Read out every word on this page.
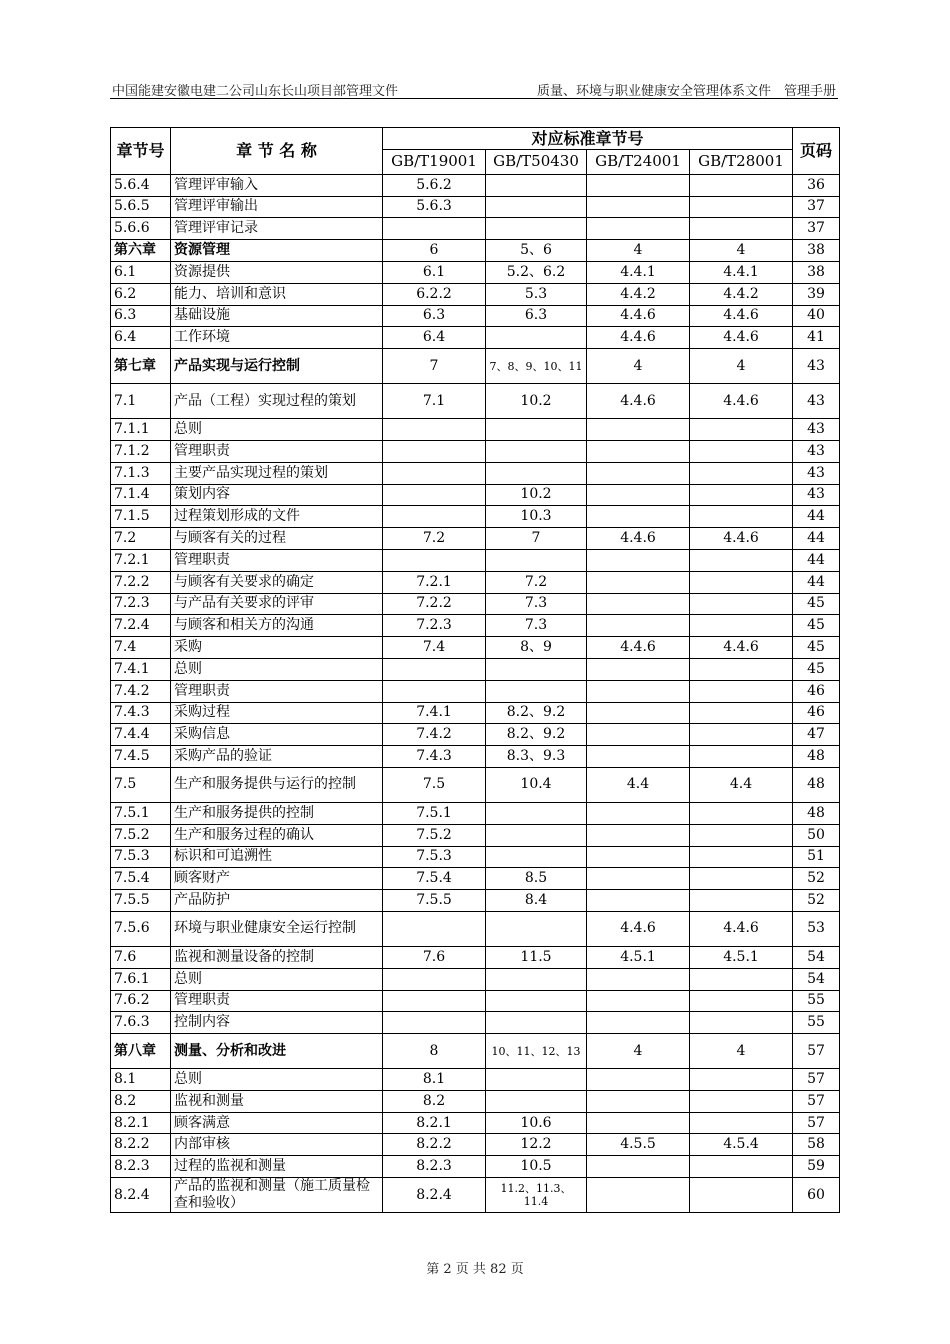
中国能建安徽电建二公司山东长山项目部管理文件	质量、环境与职业健康安全管理体系文件　管理手册
章节号	章 节 名 称	对应标准章节号				页码
		GB/T19001	GB/T50430	GB/T24001	GB/T28001	
5.6.4	管理评审输入	5.6.2				36
5.6.5	管理评审输出	5.6.3				37
5.6.6	管理评审记录					37
第六章	资源管理	6	5、6	4	4	38
6.1	资源提供	6.1	5.2、6.2	4.4.1	4.4.1	38
6.2	能力、培训和意识	6.2.2	5.3	4.4.2	4.4.2	39
6.3	基础设施	6.3	6.3	4.4.6	4.4.6	40
6.4	工作环境	6.4		4.4.6	4.4.6	41
第七章	产品实现与运行控制	7	7、8、9、10、11	4	4	43
7.1	产品（工程）实现过程的策划	7.1	10.2	4.4.6	4.4.6	43
7.1.1	总则					43
7.1.2	管理职责					43
7.1.3	主要产品实现过程的策划					43
7.1.4	策划内容		10.2			43
7.1.5	过程策划形成的文件		10.3			44
7.2	与顾客有关的过程	7.2	7	4.4.6	4.4.6	44
7.2.1	管理职责					44
7.2.2	与顾客有关要求的确定	7.2.1	7.2			44
7.2.3	与产品有关要求的评审	7.2.2	7.3			45
7.2.4	与顾客和相关方的沟通	7.2.3	7.3			45
7.4	采购	7.4	8、9	4.4.6	4.4.6	45
7.4.1	总则					45
7.4.2	管理职责					46
7.4.3	采购过程	7.4.1	8.2、9.2			46
7.4.4	采购信息	7.4.2	8.2、9.2			47
7.4.5	采购产品的验证	7.4.3	8.3、9.3			48
7.5	生产和服务提供与运行的控制	7.5	10.4	4.4	4.4	48
7.5.1	生产和服务提供的控制	7.5.1				48
7.5.2	生产和服务过程的确认	7.5.2				50
7.5.3	标识和可追溯性	7.5.3				51
7.5.4	顾客财产	7.5.4	8.5			52
7.5.5	产品防护	7.5.5	8.4			52
7.5.6	环境与职业健康安全运行控制			4.4.6	4.4.6	53
7.6	监视和测量设备的控制	7.6	11.5	4.5.1	4.5.1	54
7.6.1	总则					54
7.6.2	管理职责					55
7.6.3	控制内容					55
第八章	测量、分析和改进	8	10、11、12、13	4	4	57
8.1	总则	8.1				57
8.2	监视和测量	8.2				57
8.2.1	顾客满意	8.2.1	10.6			57
8.2.2	内部审核	8.2.2	12.2	4.5.5	4.5.4	58
8.2.3	过程的监视和测量	8.2.3	10.5			59
8.2.4	产品的监视和测量（施工质量检查和验收）	8.2.4	11.2、11.3、11.4			60
第 2 页 共 82 页
